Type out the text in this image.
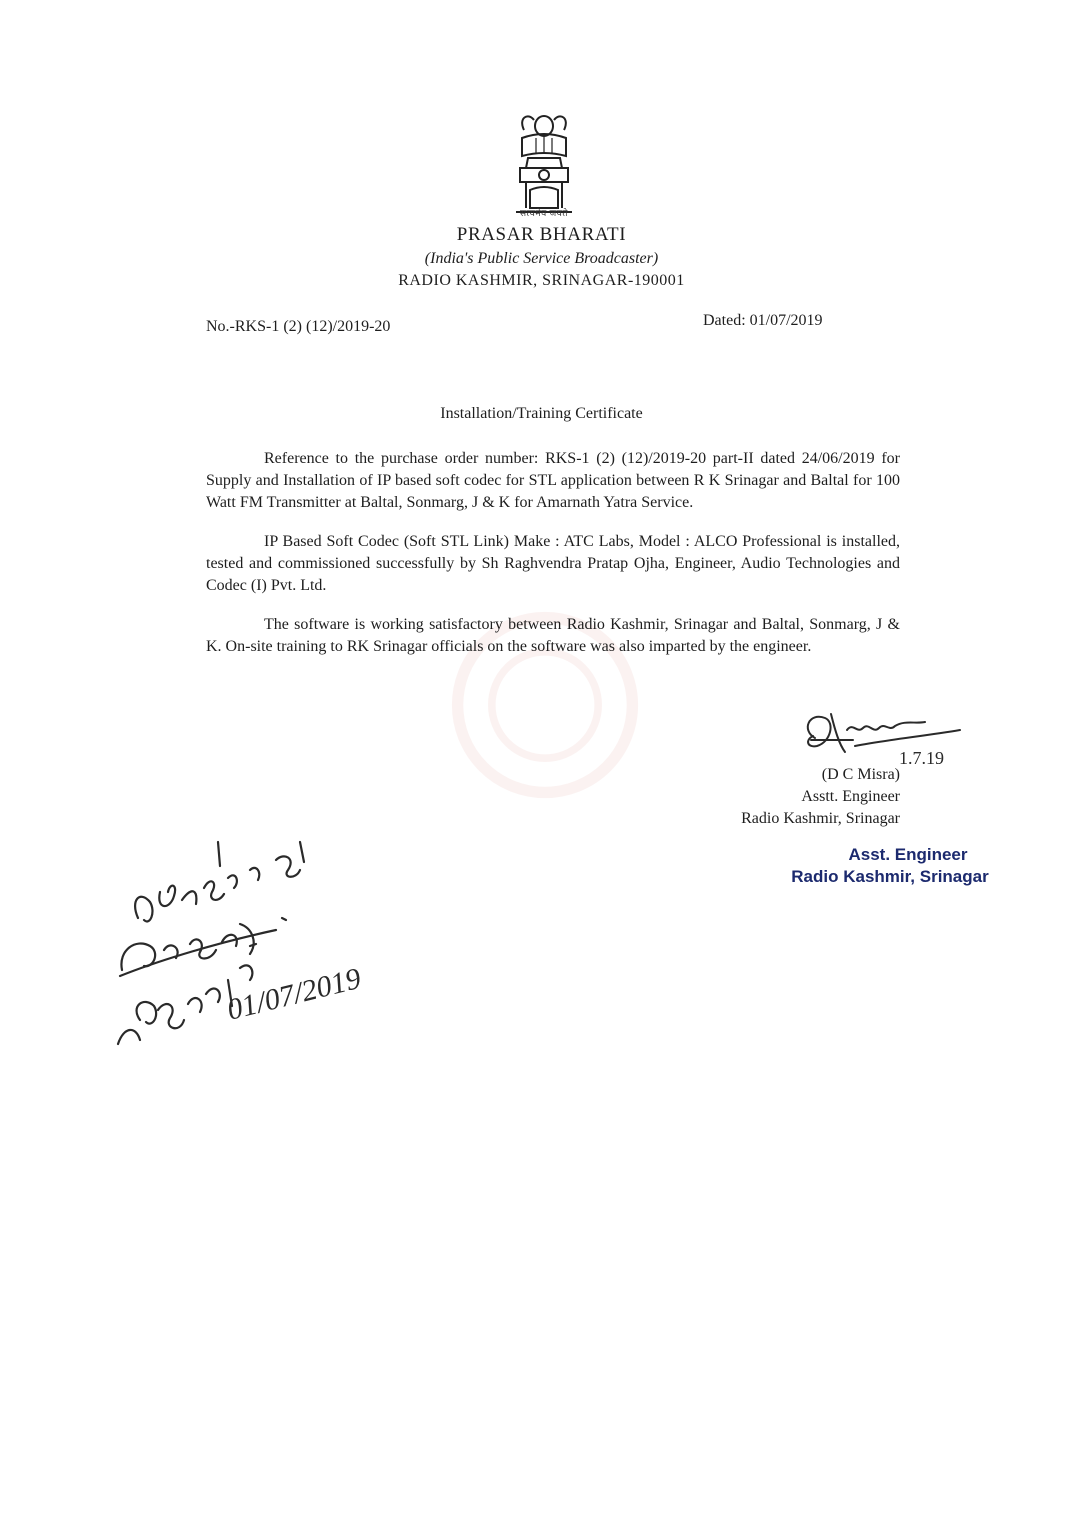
सत्यमेव जयते
PRASAR BHARATI
(India's Public Service Broadcaster)
RADIO KASHMIR, SRINAGAR-190001
No.-RKS-1 (2) (12)/2019-20	Dated: 01/07/2019
Installation/Training Certificate

Reference to the purchase order number: RKS-1 (2) (12)/2019-20 part-II dated 24/06/2019 for Supply and Installation of IP based soft codec for STL application between R K Srinagar and Baltal for 100 Watt FM Transmitter at Baltal, Sonmarg, J & K for Amarnath Yatra Service.

IP Based Soft Codec (Soft STL Link) Make : ATC Labs, Model : ALCO Professional is installed, tested and commissioned successfully by Sh Raghvendra Pratap Ojha, Engineer, Audio Technologies and Codec (I) Pvt. Ltd.

The software is working satisfactory between Radio Kashmir, Srinagar and Baltal, Sonmarg, J & K. On-site training to RK Srinagar officials on the software was also imparted by the engineer.

1.7.19
(D C Misra)
Asstt. Engineer
Radio Kashmir, Srinagar
Asst. Engineer
Radio Kashmir, Srinagar
01/07/2019
